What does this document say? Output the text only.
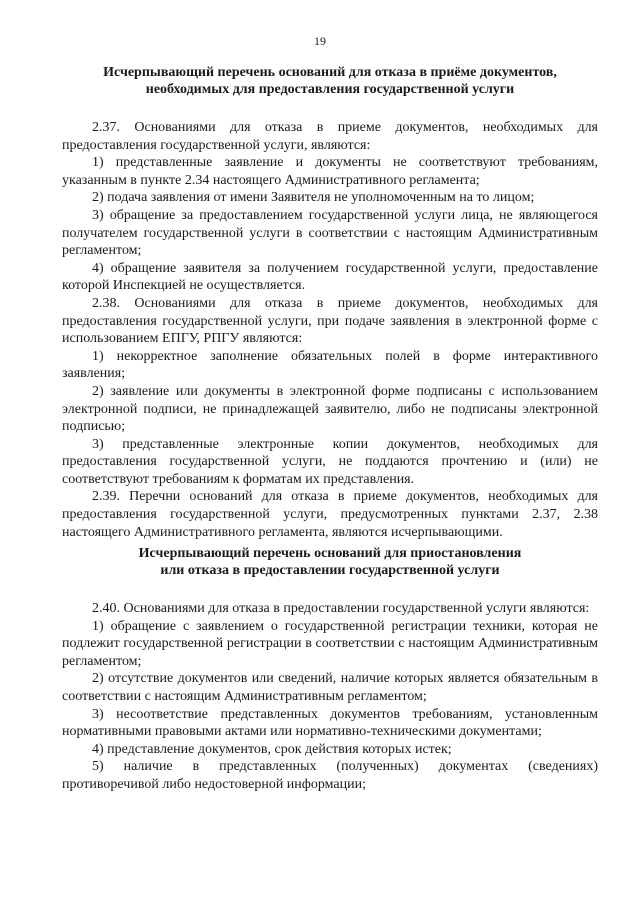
19
Исчерпывающий перечень оснований для отказа в приёме документов,
необходимых для предоставления государственной услуги

2.37. Основаниями для отказа в приеме документов, необходимых для предоставления государственной услуги, являются:

1) представленные заявление и документы не соответствуют требованиям, указанным в пункте 2.34 настоящего Административного регламента;

2) подача заявления от имени Заявителя не уполномоченным на то лицом;

3) обращение за предоставлением государственной услуги лица, не являющегося получателем государственной услуги в соответствии с настоящим Административным регламентом;

4) обращение заявителя за получением государственной услуги, предоставление которой Инспекцией не осуществляется.

2.38. Основаниями для отказа в приеме документов, необходимых для предоставления государственной услуги, при подаче заявления в электронной форме с использованием ЕПГУ, РПГУ являются:

1) некорректное заполнение обязательных полей в форме интерактивного заявления;

2) заявление или документы в электронной форме подписаны с использованием электронной подписи, не принадлежащей заявителю, либо не подписаны электронной подписью;

3) представленные электронные копии документов, необходимых для предоставления государственной услуги, не поддаются прочтению и (или) не соответствуют требованиям к форматам их представления.

2.39. Перечни оснований для отказа в приеме документов, необходимых для предоставления государственной услуги, предусмотренных пунктами 2.37, 2.38 настоящего Административного регламента, являются исчерпывающими.

Исчерпывающий перечень оснований для приостановления
или отказа в предоставлении государственной услуги

2.40. Основаниями для отказа в предоставлении государственной услуги являются:

1) обращение с заявлением о государственной регистрации техники, которая не подлежит государственной регистрации в соответствии с настоящим Административным регламентом;

2) отсутствие документов или сведений, наличие которых является обязательным в соответствии с настоящим Административным регламентом;

3) несоответствие представленных документов требованиям, установленным нормативными правовыми актами или нормативно-техническими документами;

4) представление документов, срок действия которых истек;

5) наличие в представленных (полученных) документах (сведениях) противоречивой либо недостоверной информации;
